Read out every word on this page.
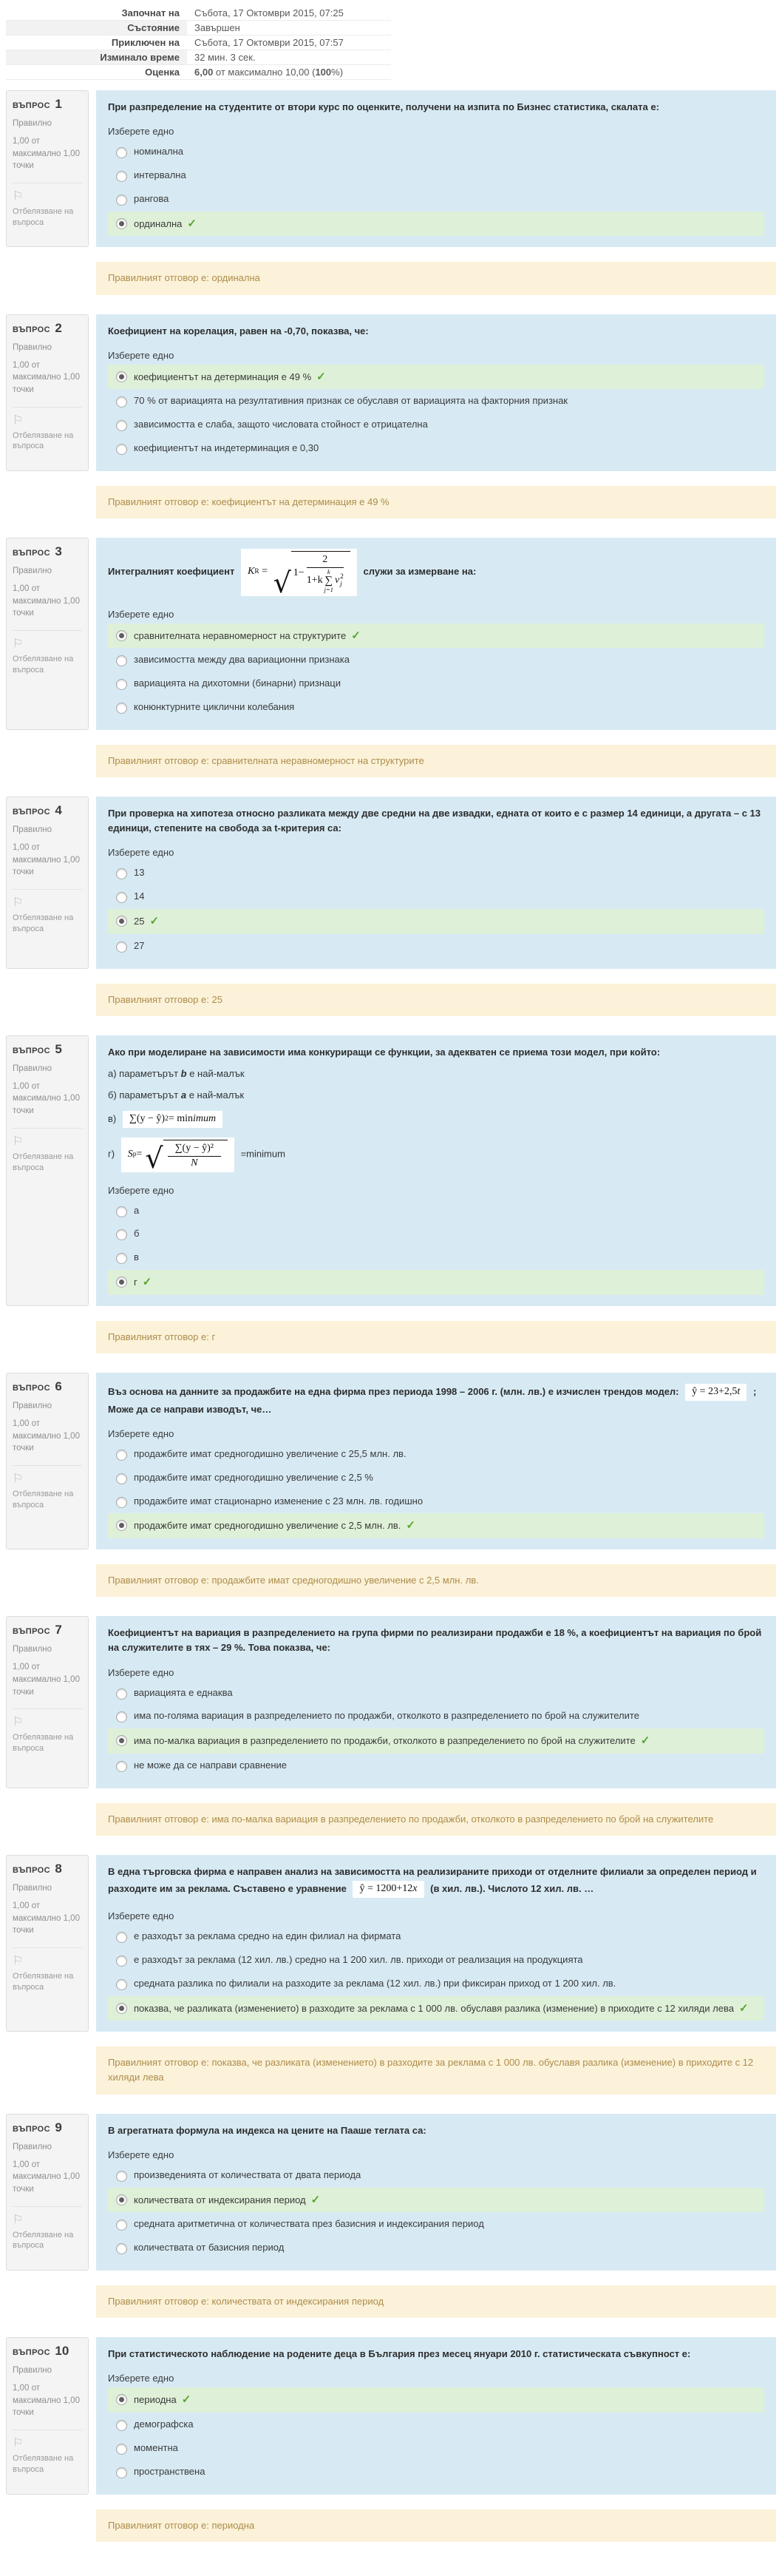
Започнат на	Събота, 17 Октомври 2015, 07:25
Състояние	Завършен
Приключен на	Събота, 17 Октомври 2015, 07:57
Изминало време	32 мин. 3 сек.
Оценка	6,00 от максимално 10,00 (100%)
ВЪПРОС 1
Правилно
1,00 от максимално 1,00 точки
⚐
Отбелязване на въпроса
При разпределение на студентите от втори курс по оценките, получени на изпита по Бизнес статистика, скалата е:
Изберете едно
номинална
интервална
рангова
ординална ✓
Правилният отговор е: ординална
ВЪПРОС 2
Правилно
1,00 от максимално 1,00 точки
⚐
Отбелязване на въпроса
Коефициент на корелация, равен на -0,70, показва, че:
Изберете едно
коефициентът на детерминация е 49 % ✓
70 % от вариацията на резултативния признак се обуславя от вариацията на факторния признак
зависимостта е слаба, защото числовата стойност е отрицателна
коефициентът на индетерминация е 0,30
Правилният отговор е: коефициентът на детерминация е 49 %
ВЪПРОС 3
Правилно
1,00 от максимално 1,00 точки
⚐
Отбелязване на въпроса
Интегралният коефициент K R
=
√ 1− 2
1+k
k
∑
j=1
v 2
j служи за измерване на:
Изберете едно
сравнителната неравномерност на структурите ✓
зависимостта между два вариационни признака
вариацията на дихотомни (бинарни) признаци
конюнктурните циклични колебания
Правилният отговор е: сравнителната неравномерност на структурите
ВЪПРОС 4
Правилно
1,00 от максимално 1,00 точки
⚐
Отбелязване на въпроса
При проверка на хипотеза относно разликата между две средни на две извадки, едната от които е с размер 14 единици, а другата – с 13 единици, степените на свобода за t-критерия са:
Изберете едно
13
14
25 ✓
27
Правилният отговор е: 25
ВЪПРОС 5
Правилно
1,00 от максимално 1,00 точки
⚐
Отбелязване на въпроса
Ако при моделиране на зависимости има конкуриращи се функции, за адекватен се приема този модел, при който:
а) параметърът b е най-малък
б) параметърът a е най-малък
в) ∑(y − ŷ) 2 = min imum
г) S p = √ $\frac{\text{∑(y − ŷ)²}}{N}$ =minimum
Изберете едно
а
б
в
г ✓
Правилният отговор е: г
ВЪПРОС 6
Правилно
1,00 от максимално 1,00 точки
⚐
Отбелязване на въпроса
Въз основа на данните за продажбите на една фирма през периода 1998 – 2006 г. (млн. лв.) е изчислен трендов модел: ŷ = 23+2,5 t ; Може да се направи изводът, че…
Изберете едно
продажбите имат средногодишно увеличение с 25,5 млн. лв.
продажбите имат средногодишно увеличение с 2,5 %
продажбите имат стационарно изменение с 23 млн. лв. годишно
продажбите имат средногодишно увеличение с 2,5 млн. лв. ✓
Правилният отговор е: продажбите имат средногодишно увеличение с 2,5 млн. лв.
ВЪПРОС 7
Правилно
1,00 от максимално 1,00 точки
⚐
Отбелязване на въпроса
Коефициентът на вариация в разпределението на група фирми по реализирани продажби е 18 %, а коефициентът на вариация по брой на служителите в тях – 29 %. Това показва, че:
Изберете едно
вариацията е еднаква
има по-голяма вариация в разпределението по продажби, отколкото в разпределението по брой на служителите
има по-малка вариация в разпределението по продажби, отколкото в разпределението по брой на служителите ✓
не може да се направи сравнение
Правилният отговор е: има по-малка вариация в разпределението по продажби, отколкото в разпределението по брой на служителите
ВЪПРОС 8
Правилно
1,00 от максимално 1,00 точки
⚐
Отбелязване на въпроса
В една търговска фирма е направен анализ на зависимостта на реализираните приходи от отделните филиали за определен период и разходите им за реклама. Съставено е уравнение ŷ = 1200+12 x (в хил. лв.). Числото 12 хил. лв. …
Изберете едно
е разходът за реклама средно на един филиал на фирмата
е разходът за реклама (12 хил. лв.) средно на 1 200 хил. лв. приходи от реализация на продукцията
средната разлика по филиали на разходите за реклама (12 хил. лв.) при фиксиран приход от 1 200 хил. лв.
показва, че разликата (изменението) в разходите за реклама с 1 000 лв. обуславя разлика (изменение) в приходите с 12 хиляди лева ✓
Правилният отговор е: показва, че разликата (изменението) в разходите за реклама с 1 000 лв. обуславя разлика (изменение) в приходите с 12 хиляди лева
ВЪПРОС 9
Правилно
1,00 от максимално 1,00 точки
⚐
Отбелязване на въпроса
В агрегатната формула на индекса на цените на Пааше теглата са:
Изберете едно
произведенията от количествата от двата периода
количествата от индексирания период ✓
средната аритметична от количествата през базисния и индексирания период
количествата от базисния период
Правилният отговор е: количествата от индексирания период
ВЪПРОС 10
Правилно
1,00 от максимално 1,00 точки
⚐
Отбелязване на въпроса
При статистическото наблюдение на родените деца в България през месец януари 2010 г. статистическата съвкупност е:
Изберете едно
периодна ✓
демографска
моментна
пространствена
Правилният отговор е: периодна
